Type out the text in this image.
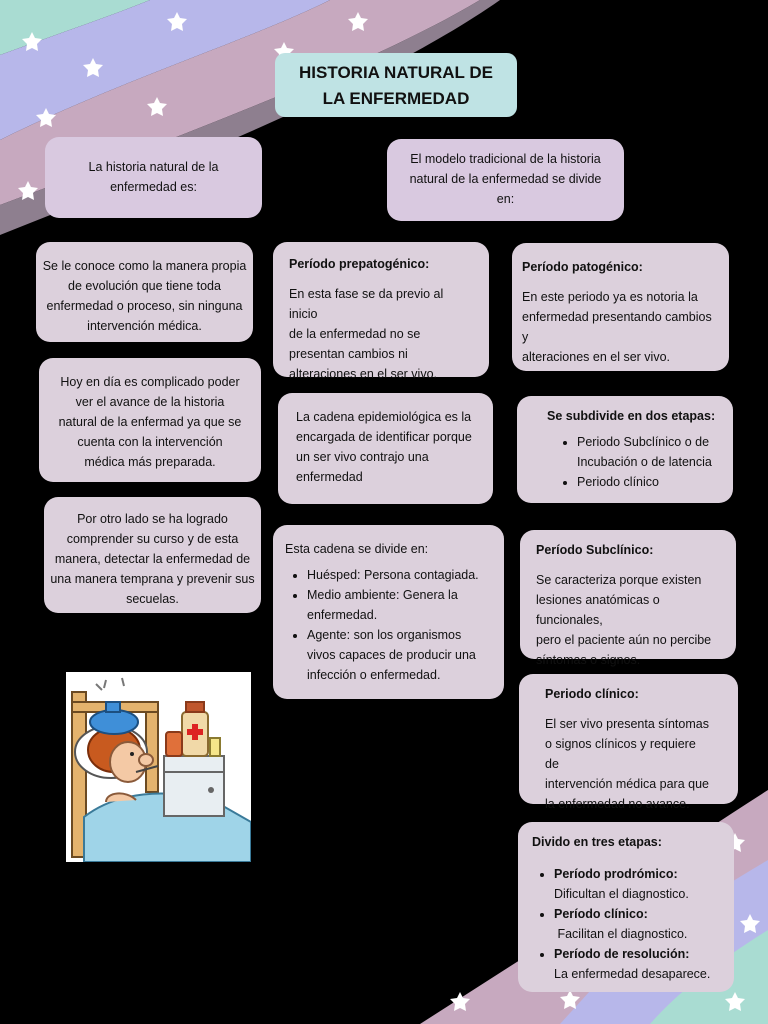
HISTORIA NATURAL DE
LA ENFERMEDAD
La historia natural de la
enfermedad es:
Se le conoce como la manera propia
de evolución que tiene toda
enfermedad o proceso, sin ninguna
intervención médica.
Hoy en día es complicado poder
ver el avance de la historia
natural de la enfermad ya que se
cuenta con la intervención
médica más preparada.
Por otro lado se ha logrado
comprender su curso y de esta
manera, detectar la enfermedad de
una manera temprana y prevenir sus
secuelas.
El modelo tradicional de la historia
natural de la enfermedad se divide
en:
Período prepatogénico:
En esta fase se da previo al inicio
de la enfermedad no se
presentan cambios ni
alteraciones en el ser vivo.
La cadena epidemiológica es la
encargada de identificar porque
un ser vivo contrajo una
enfermedad
Esta cadena se divide en:
• Huésped: Persona contagiada.
• Medio ambiente: Genera la
enfermedad.
• Agente: son los organismos
vivos capaces de producir una
infección o enfermedad.
Período patogénico:
En este periodo ya es notoria la
enfermedad presentando cambios y
alteraciones en el ser vivo.
Se subdivide en dos etapas:
• Periodo Subclínico o de
Incubación o de latencia
• Periodo clínico
Período Subclínico:
Se caracteriza porque existen
lesiones anatómicas o funcionales,
pero el paciente aún no percibe
síntomas o signos.
Periodo clínico:
El ser vivo presenta síntomas
o signos clínicos y requiere de
intervención médica para que
la enfermedad no avance.
Divido en tres etapas:
• Período prodrómico:
Dificultan el diagnostico.
• Período clínico:
Facilitan el diagnostico.
• Período de resolución:
La enfermedad desaparece.
